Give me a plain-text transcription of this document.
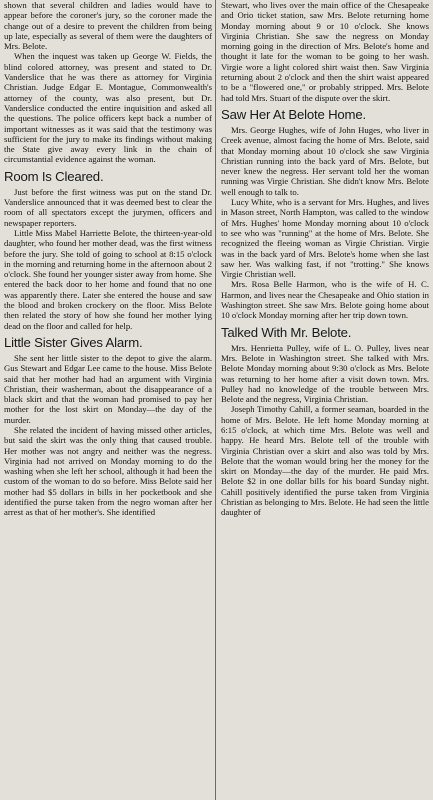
shown that several children and ladies would have to appear before the coroner's jury, so the coroner made the change out of a desire to prevent the children from being up late, especially as several of them were the daughters of Mrs. Belote.

When the inquest was taken up George W. Fields, the blind colored attorney, was present and stated to Dr. Vanderslice that he was there as attorney for Virginia Christian. Judge Edgar E. Montague, Commonwealth's attorney of the county, was also present, but Dr. Vanderslice conducted the entire inquisition and asked all the questions. The police officers kept back a number of important witnesses as it was said that the testimony was sufficient for the jury to make its findings without making the State give away every link in the chain of circumstantial evidence against the woman.

Room Is Cleared.

Just before the first witness was put on the stand Dr. Vanderslice announced that it was deemed best to clear the room of all spectators except the jurymen, officers and newspaper reporters.

Little Miss Mabel Harriette Belote, the thirteen-year-old daughter, who found her mother dead, was the first witness before the jury. She told of going to school at 8:15 o'clock in the morning and returning home in the afternoon about 2 o'clock. She found her younger sister away from home. She entered the back door to her home and found that no one was apparently there. Later she entered the house and saw the blood and broken crockery on the floor. Miss Belote then related the story of how she found her mother lying dead on the floor and called for help.

Little Sister Gives Alarm.

She sent her little sister to the depot to give the alarm. Gus Stewart and Edgar Lee came to the house. Miss Belote said that her mother had had an argument with Virginia Christian, their washerman, about the disappearance of a black skirt and that the woman had promised to pay her mother for the lost skirt on Monday—the day of the murder.

She related the incident of having missed other articles, but said the skirt was the only thing that caused trouble. Her mother was not angry and neither was the negress. Virginia had not arrived on Monday morning to do the washing when she left her school, although it had been the custom of the woman to do so before. Miss Belote said her mother had $5 dollars in bills in her pocketbook and she identified the purse taken from the negro woman after her arrest as that of her mother's. She identified

Stewart, who lives over the main office of the Chesapeake and Orio ticket station, saw Mrs. Belote returning home Monday morning about 9 or 10 o'clock. She knows Virginia Christian. She saw the negress on Monday morning going in the direction of Mrs. Belote's home and thought it late for the woman to be going to her wash. Virgie wore a light colored shirt waist then. Saw Virginia returning about 2 o'clock and then the shirt waist appeared to be a "flowered one," or probably stripped. Mrs. Belote had told Mrs. Stuart of the dispute over the skirt.

Saw Her At Belote Home.

Mrs. George Hughes, wife of John Huges, who liver in Creek avenue, almost facing the home of Mrs. Belote, said that Monday morning about 10 o'clock she saw Virginia Christian running into the back yard of Mrs. Belote, but never knew the negress. Her servant told her the woman running was Virgie Christian. She didn't know Mrs. Belote well enough to talk to.

Lucy White, who is a servant for Mrs. Hughes, and lives in Mason street, North Hampton, was called to the window of Mrs. Hughes' home Monday morning about 10 o'clock to see who was "running" at the home of Mrs. Belote. She recognized the fleeing woman as Virgie Christian. Virgie was in the back yard of Mrs. Belote's home when she last saw her. Was walking fast, if not "trotting." She knows Virgie Christian well.

Mrs. Rosa Belle Harmon, who is the wife of H. C. Harmon, and lives near the Chesapeake and Ohio station in Washington street. She saw Mrs. Belote going home about 10 o'clock Monday morning after her trip down town.

Talked With Mr. Belote.

Mrs. Henrietta Pulley, wife of L. O. Pulley, lives near Mrs. Belote in Washington street. She talked with Mrs. Belote Monday morning about 9:30 o'clock as Mrs. Belote was returning to her home after a visit down town. Mrs. Pulley had no knowledge of the trouble between Mrs. Belote and the negress, Virginia Christian.

Joseph Timothy Cahill, a former seaman, boarded in the home of Mrs. Belote. He left home Monday morning at 6:15 o'clock, at which time Mrs. Belote was well and happy. He heard Mrs. Belote tell of the trouble with Virginia Christian over a skirt and also was told by Mrs. Belote that the woman would bring her the money for the skirt on Monday—the day of the murder. He paid Mrs. Belote $2 in one dollar bills for his board Sunday night. Cahill positively identified the purse taken from Virginia Christian as belonging to Mrs. Belote. He had seen the little daughter of
